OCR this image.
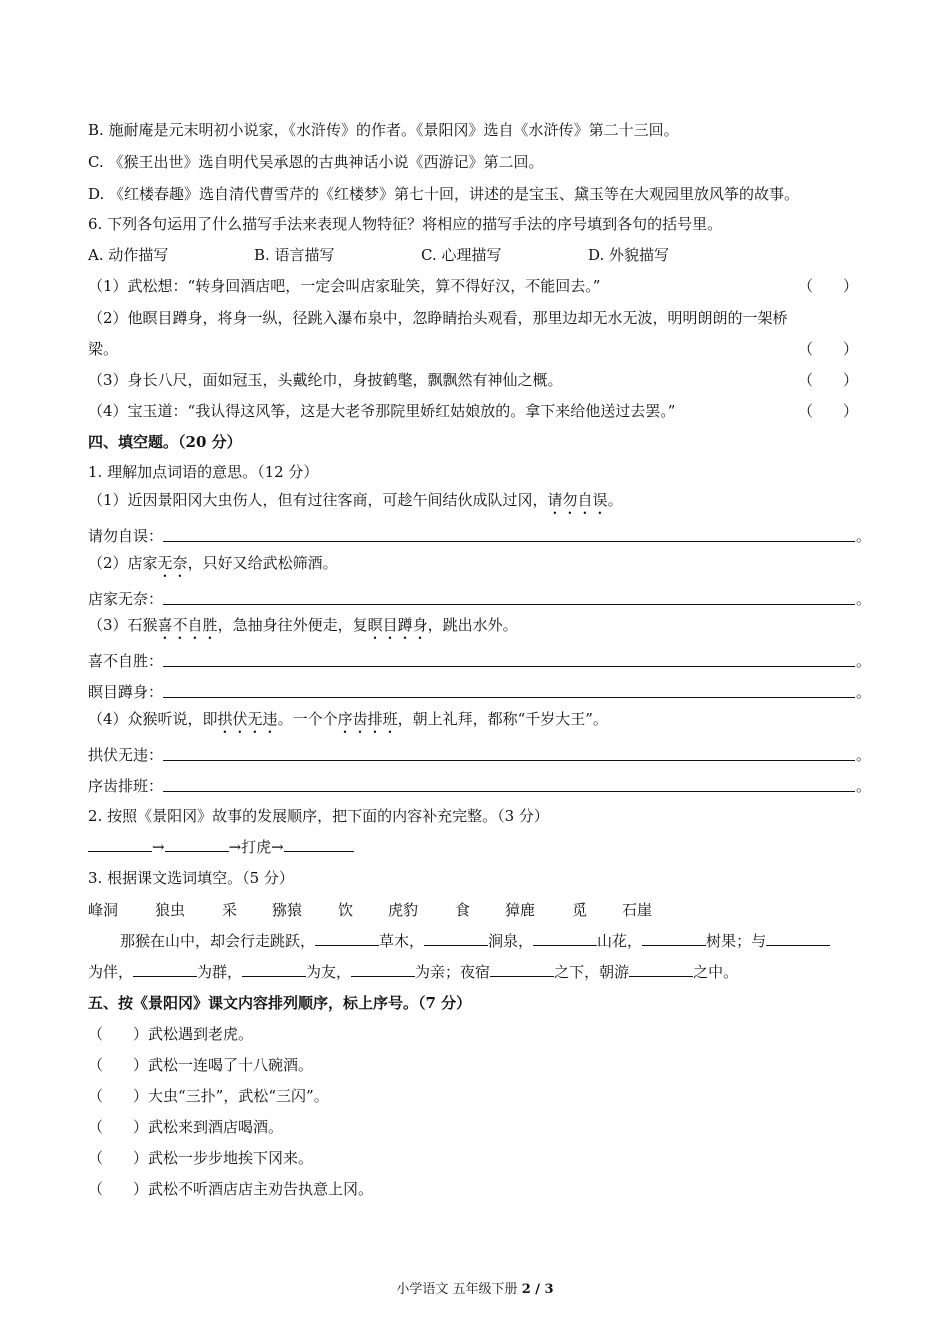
B. 施耐庵是元末明初小说家，《水浒传》的作者。《景阳冈》选自《水浒传》第二十三回。
C. 《猴王出世》选自明代吴承恩的古典神话小说《西游记》第二回。
D. 《红楼春趣》选自清代曹雪芹的《红楼梦》第七十回，讲述的是宝玉、黛玉等在大观园里放风筝的故事。
6. 下列各句运用了什么描写手法来表现人物特征？将相应的描写手法的序号填到各句的括号里。
A. 动作描写	B. 语言描写	C. 心理描写	D. 外貌描写
（1）武松想：“转身回酒店吧，一定会叫店家耻笑，算不得好汉，不能回去。”	（　　）
（2）他瞑目蹲身，将身一纵，径跳入瀑布泉中，忽睁睛抬头观看，那里边却无水无波，明明朗朗的一架桥
梁。	（　　）
（3）身长八尺，面如冠玉，头戴纶巾，身披鹤氅，飘飘然有神仙之概。	（　　）
（4）宝玉道：“我认得这风筝，这是大老爷那院里娇红姑娘放的。拿下来给他送过去罢。”	（　　）
四、填空题。（20 分）
1. 理解加点词语的意思。（12 分）
（1）近因景阳冈大虫伤人，但有过往客商，可趁午间结伙成队过冈，请勿自误。
请勿自误：	。
（2）店家无奈，只好又给武松筛酒。
店家无奈：	。
（3）石猴喜不自胜，急抽身往外便走，复瞑目蹲身，跳出水外。
喜不自胜：	。
瞑目蹲身：	。
（4）众猴听说，即拱伏无违。一个个序齿排班，朝上礼拜，都称“千岁大王”。
拱伏无违：	。
序齿排班：	。
2. 按照《景阳冈》故事的发展顺序，把下面的内容补充完整。（3 分）
→	→打虎→
3. 根据课文选词填空。（5 分）
峰洞 狼虫 采 猕猿 饮 虎豹 食 獐鹿 觅 石崖
那猴在山中，却会行走跳跃，	草木，	涧泉，	山花，	树果；与
为伴，	为群，	为友，	为亲；夜宿	之下，朝游	之中。
五、按《景阳冈》课文内容排列顺序，标上序号。（7 分）
（　　）武松遇到老虎。
（　　）武松一连喝了十八碗酒。
（　　）大虫“三扑”，武松“三闪”。
（　　）武松来到酒店喝酒。
（　　）武松一步步地挨下冈来。
（　　）武松不听酒店店主劝告执意上冈。
小学语文 五年级下册 2 / 3
